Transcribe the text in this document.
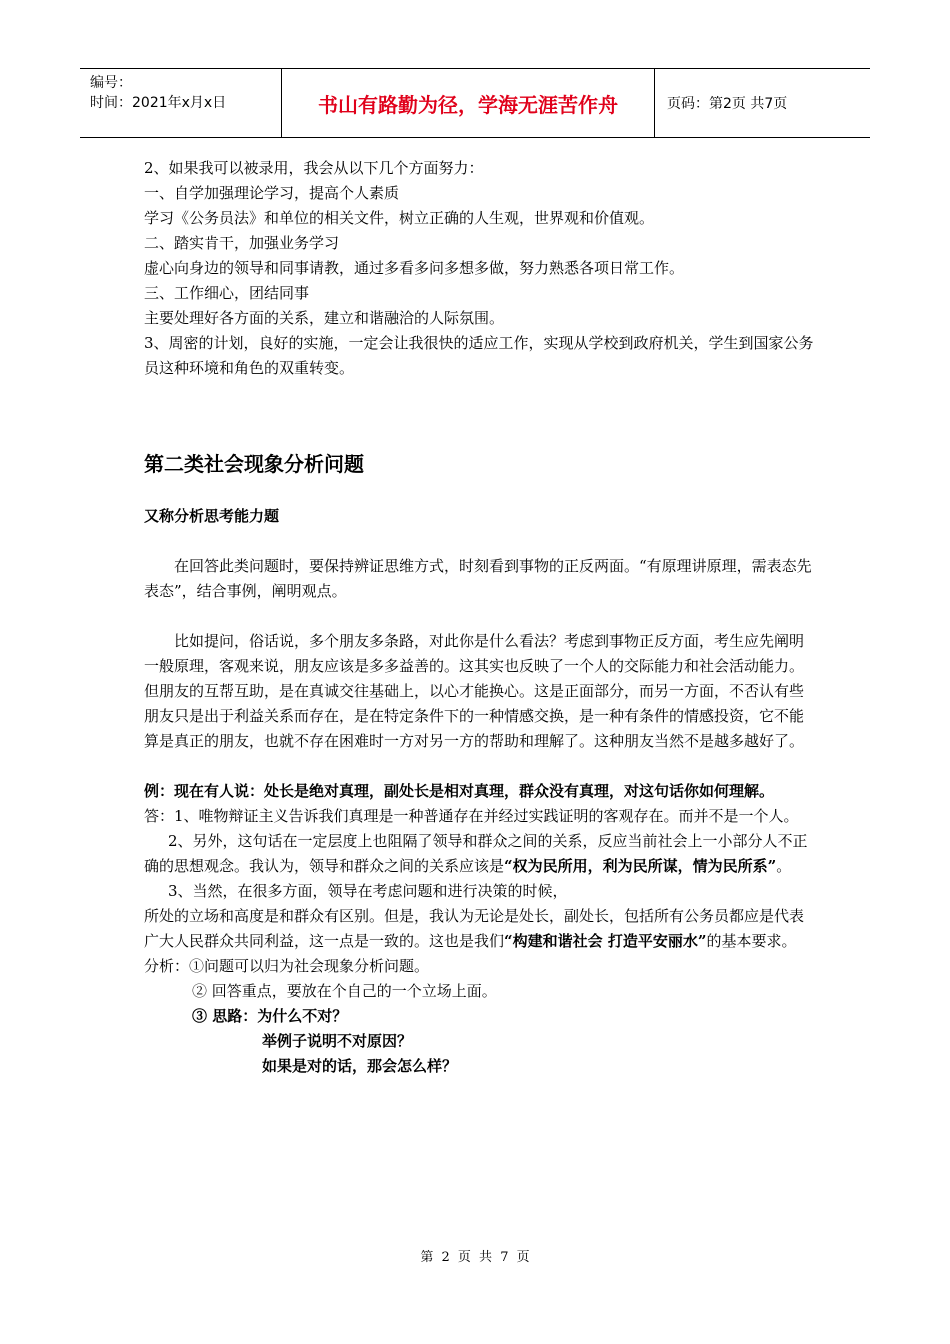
编号：
时间：2021年x月x日	书山有路勤为径，学海无涯苦作舟	页码：第2页 共7页

2、如果我可以被录用，我会从以下几个方面努力：

一、自学加强理论学习，提高个人素质

学习《公务员法》和单位的相关文件，树立正确的人生观，世界观和价值观。

二、踏实肯干，加强业务学习

虚心向身边的领导和同事请教，通过多看多问多想多做，努力熟悉各项日常工作。

三、工作细心，团结同事

主要处理好各方面的关系，建立和谐融洽的人际氛围。

3、周密的计划，良好的实施，一定会让我很快的适应工作，实现从学校到政府机关，学生到国家公务员这种环境和角色的双重转变。

第二类社会现象分析问题
又称分析思考能力题

在回答此类问题时，要保持辨证思维方式，时刻看到事物的正反两面。“有原理讲原理，需表态先表态”，结合事例，阐明观点。

比如提问，俗话说，多个朋友多条路，对此你是什么看法？考虑到事物正反方面，考生应先阐明一般原理，客观来说，朋友应该是多多益善的。这其实也反映了一个人的交际能力和社会活动能力。但朋友的互帮互助，是在真诚交往基础上，以心才能换心。这是正面部分，而另一方面，不否认有些朋友只是出于利益关系而存在，是在特定条件下的一种情感交换，是一种有条件的情感投资，它不能算是真正的朋友，也就不存在困难时一方对另一方的帮助和理解了。这种朋友当然不是越多越好了。

例：现在有人说：处长是绝对真理，副处长是相对真理，群众没有真理，对这句话你如何理解。

答：1、唯物辩证主义告诉我们真理是一种普通存在并经过实践证明的客观存在。而并不是一个人。

2、另外，这句话在一定层度上也阻隔了领导和群众之间的关系，反应当前社会上一小部分人不正确的思想观念。我认为，领导和群众之间的关系应该是“权为民所用，利为民所谋，情为民所系”。

3、当然，在很多方面，领导在考虑问题和进行决策的时候，

所处的立场和高度是和群众有区别。但是，我认为无论是处长，副处长，包括所有公务员都应是代表广大人民群众共同利益，这一点是一致的。这也是我们“构建和谐社会 打造平安丽水”的基本要求。

分析：①问题可以归为社会现象分析问题。

② 回答重点，要放在个自己的一个立场上面。

③ 思路：为什么不对？

举例子说明不对原因？

如果是对的话，那会怎么样？

第 2 页 共 7 页
